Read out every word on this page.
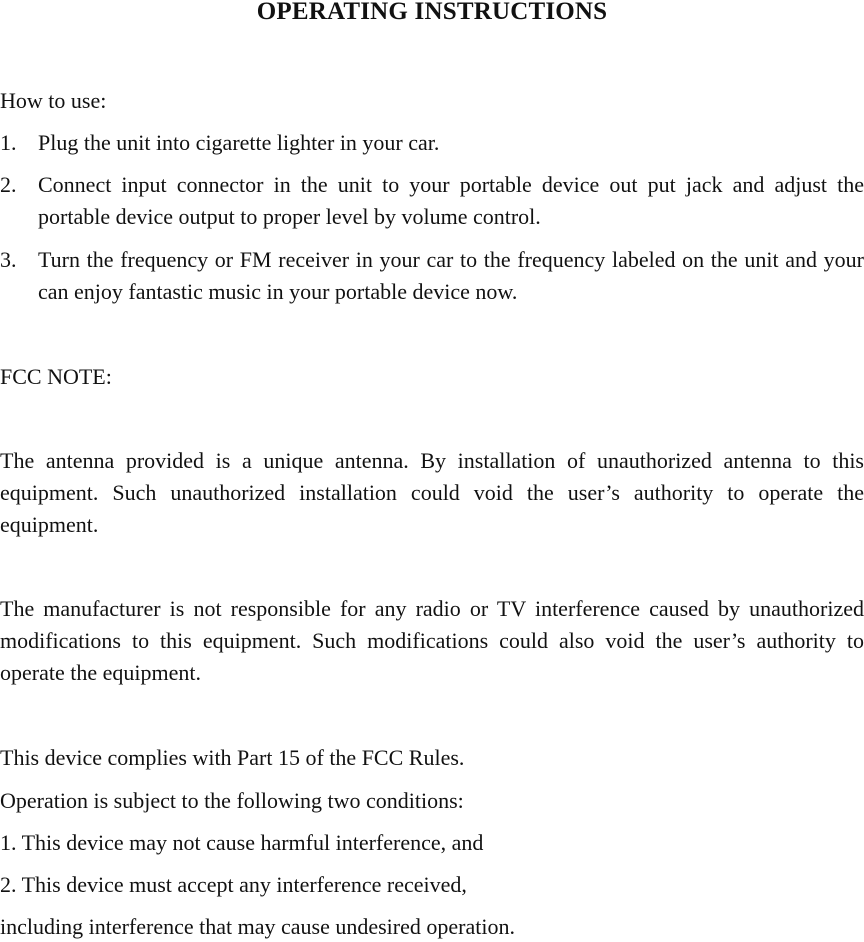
OPERATING INSTRUCTIONS
How to use:
1. Plug the unit into cigarette lighter in your car.
2. Connect input connector in the unit to your portable device out put jack and adjust the portable device output to proper level by volume control.
3. Turn the frequency or FM receiver in your car to the frequency labeled on the unit and your can enjoy fantastic music in your portable device now.
FCC NOTE:
The antenna provided is a unique antenna. By installation of unauthorized antenna to this equipment. Such unauthorized installation could void the user’s authority to operate the equipment.
The manufacturer is not responsible for any radio or TV interference caused by unauthorized modifications to this equipment. Such modifications could also void the user’s authority to operate the equipment.
This device complies with Part 15 of the FCC Rules.
Operation is subject to the following two conditions:
1. This device may not cause harmful interference, and
2. This device must accept any interference received,
including interference that may cause undesired operation.
